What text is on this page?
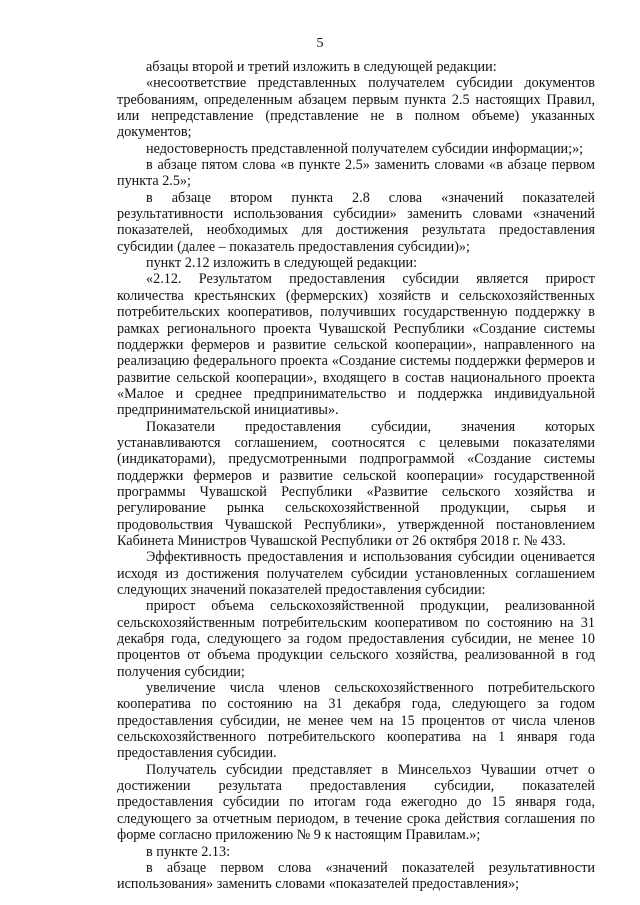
5

абзацы второй и третий изложить в следующей редакции:

«несоответствие представленных получателем субсидии документов требованиям, определенным абзацем первым пункта 2.5 настоящих Правил, или непредставление (представление не в полном объеме) указанных документов;

недостоверность представленной получателем субсидии информации;»;

в абзаце пятом слова «в пункте 2.5» заменить словами «в абзаце первом пункта 2.5»;

в абзаце втором пункта 2.8 слова «значений показателей результативности использования субсидии» заменить словами «значений показателей, необходимых для достижения результата предоставления субсидии (далее – показатель предоставления субсидии)»;

пункт 2.12 изложить в следующей редакции:

«2.12. Результатом предоставления субсидии является прирост количества крестьянских (фермерских) хозяйств и сельскохозяйственных потребительских кооперативов, получивших государственную поддержку в рамках регионального проекта Чувашской Республики «Создание системы поддержки фермеров и развитие сельской кооперации», направленного на реализацию федерального проекта «Создание системы поддержки фермеров и развитие сельской кооперации», входящего в состав национального проекта «Малое и среднее предпринимательство и поддержка индивидуальной предпринимательской инициативы».

Показатели предоставления субсидии, значения которых устанавливаются соглашением, соотносятся с целевыми показателями (индикаторами), предусмотренными подпрограммой «Создание системы поддержки фермеров и развитие сельской кооперации» государственной программы Чувашской Республики «Развитие сельского хозяйства и регулирование рынка сельскохозяйственной продукции, сырья и продовольствия Чувашской Республики», утвержденной постановлением Кабинета Министров Чувашской Республики от 26 октября 2018 г. № 433.

Эффективность предоставления и использования субсидии оценивается исходя из достижения получателем субсидии установленных соглашением следующих значений показателей предоставления субсидии:

прирост объема сельскохозяйственной продукции, реализованной сельскохозяйственным потребительским кооперативом по состоянию на 31 декабря года, следующего за годом предоставления субсидии, не менее 10 процентов от объема продукции сельского хозяйства, реализованной в год получения субсидии;

увеличение числа членов сельскохозяйственного потребительского кооператива по состоянию на 31 декабря года, следующего за годом предоставления субсидии, не менее чем на 15 процентов от числа членов сельскохозяйственного потребительского кооператива на 1 января года предоставления субсидии.

Получатель субсидии представляет в Минсельхоз Чувашии отчет о достижении результата предоставления субсидии, показателей предоставления субсидии по итогам года ежегодно до 15 января года, следующего за отчетным периодом, в течение срока действия соглашения по форме согласно приложению № 9 к настоящим Правилам.»;

в пункте 2.13:

в абзаце первом слова «значений показателей результативности использования» заменить словами «показателей предоставления»;
